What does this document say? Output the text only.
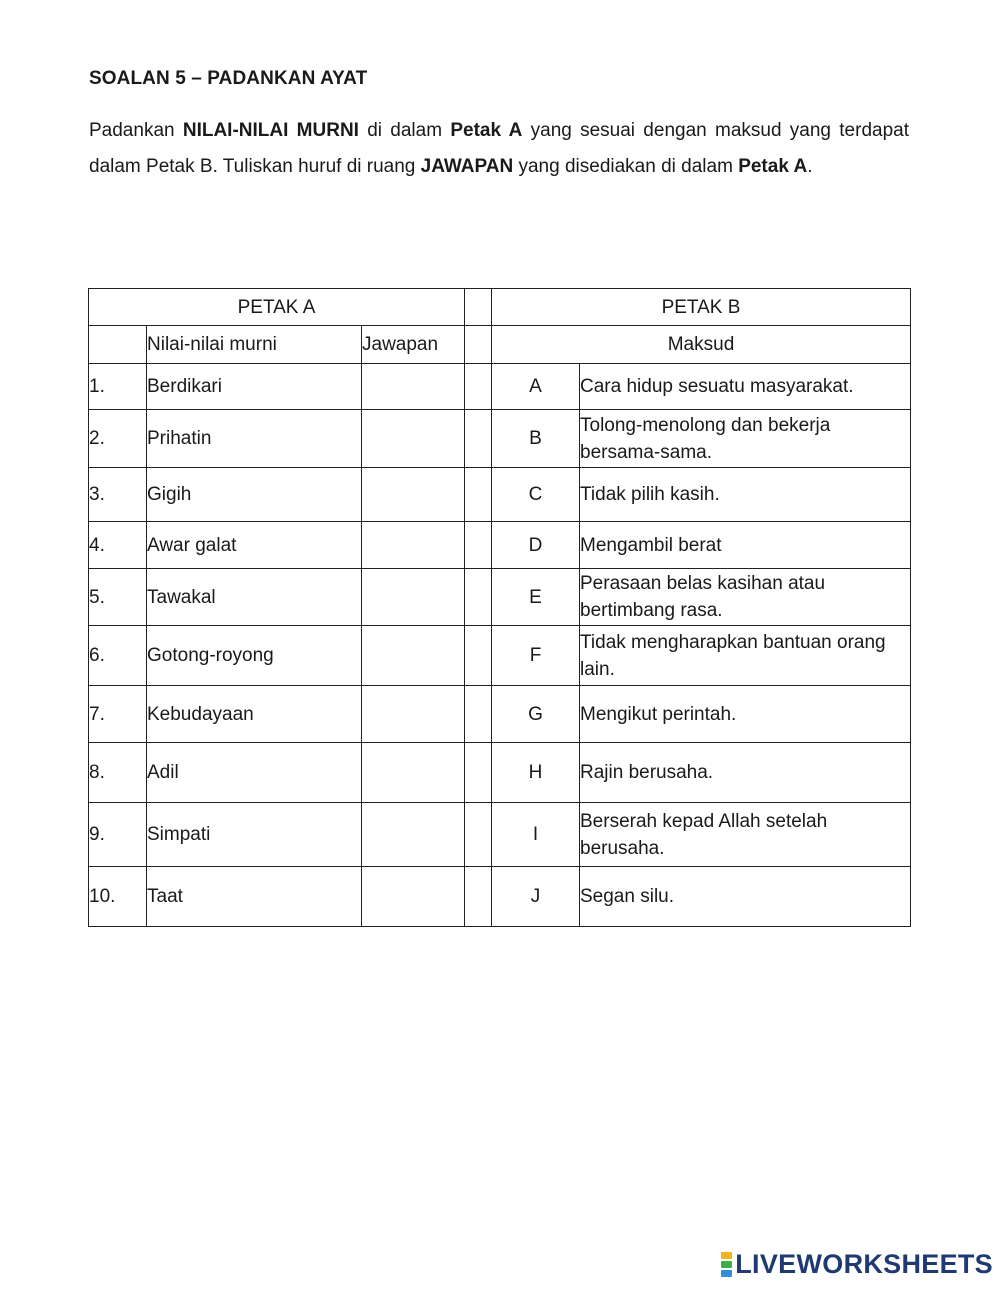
SOALAN 5 – PADANKAN AYAT
Padankan NILAI-NILAI MURNI di dalam Petak A yang sesuai dengan maksud yang terdapat dalam Petak B. Tuliskan huruf di ruang JAWAPAN yang disediakan di dalam Petak A.
PETAK A				PETAK B	
	Nilai-nilai murni	Jawapan		Maksud	
1.	Berdikari			A	Cara hidup sesuatu masyarakat.
2.	Prihatin			B	Tolong-menolong dan bekerja bersama-sama.
3.	Gigih			C	Tidak pilih kasih.
4.	Awar galat			D	Mengambil berat
5.	Tawakal			E	Perasaan belas kasihan atau bertimbang rasa.
6.	Gotong-royong			F	Tidak mengharapkan bantuan orang lain.
7.	Kebudayaan			G	Mengikut perintah.
8.	Adil			H	Rajin berusaha.
9.	Simpati			I	Berserah kepad Allah setelah berusaha.
10.	Taat			J	Segan silu.
LIVEWORKSHEETS
